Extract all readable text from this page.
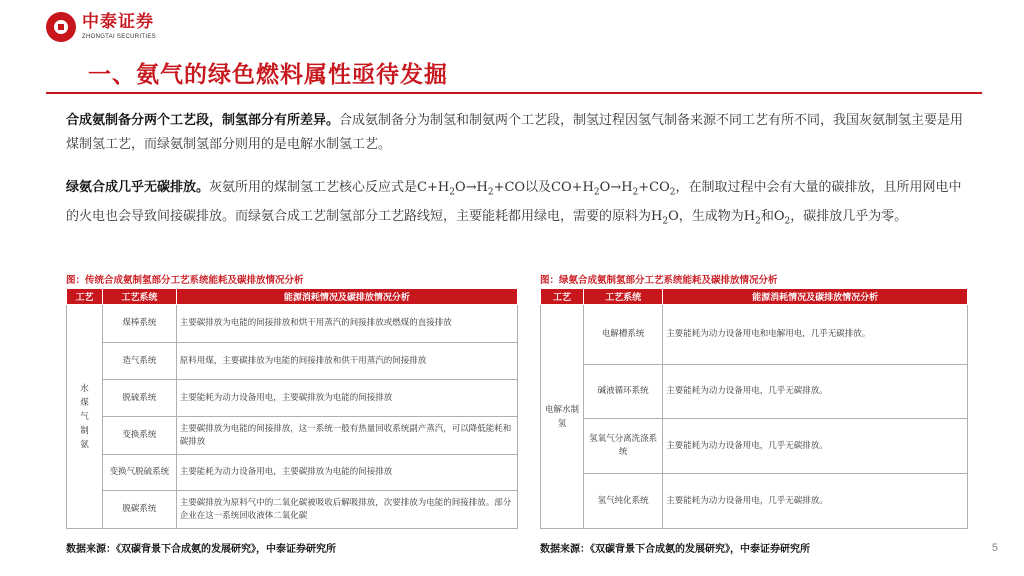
中泰证券
ZHONGTAI SECURITIES
一、氨气的绿色燃料属性亟待发掘
合成氨制备分两个工艺段，制氢部分有所差异。合成氨制备分为制氢和制氨两个工艺段，制氢过程因氢气制备来源不同工艺有所不同，我国灰氨制氢主要是用煤制氢工艺，而绿氨制氢部分则用的是电解水制氢工艺。
绿氨合成几乎无碳排放。灰氨所用的煤制氢工艺核心反应式是$C+H_2O\to H_2+CO$以及$CO+H_2O\to H_2+CO_2$，在制取过程中会有大量的碳排放，且所用网电中的火电也会导致间接碳排放。而绿氨合成工艺制氢部分工艺路线短，主要能耗都用绿电，需要的原料为$H_2O$，生成物为$H_2$和$O_2$，碳排放几乎为零。
图：传统合成氨制氢部分工艺系统能耗及碳排放情况分析
工艺	工艺系统	能源消耗情况及碳排放情况分析
水煤气制氨	煤棒系统	主要碳排放为电能的间接排放和烘干用蒸汽的间接排放或燃煤的直接排放
	造气系统	原料用煤，主要碳排放为电能的间接排放和供干用蒸汽的间接排放
	脱硫系统	主要能耗为动力设备用电，主要碳排放为电能的间接排放
	变换系统	主要碳排放为电能的间接排放，这一系统一般有热量回收系统副产蒸汽，可以降低能耗和碳排放
	变换气脱硫系统	主要能耗为动力设备用电，主要碳排放为电能的间接排放
	脱碳系统	主要碳排放为原料气中的二氧化碳被吸收后解吸排放，次要排放为电能的间接排放。部分企业在这一系统回收液体二氧化碳
数据来源：《双碳背景下合成氨的发展研究》，中泰证券研究所
图：绿氨合成氨制氢部分工艺系统能耗及碳排放情况分析
工艺	工艺系统	能源消耗情况及碳排放情况分析
电解水制氢	电解槽系统	主要能耗为动力设备用电和电解用电，几乎无碳排放。
	碱液循环系统	主要能耗为动力设备用电，几乎无碳排放。
	氢氧气分离洗涤系统	主要能耗为动力设备用电，几乎无碳排放。
	氢气纯化系统	主要能耗为动力设备用电，几乎无碳排放。
数据来源：《双碳背景下合成氨的发展研究》，中泰证券研究所	5
